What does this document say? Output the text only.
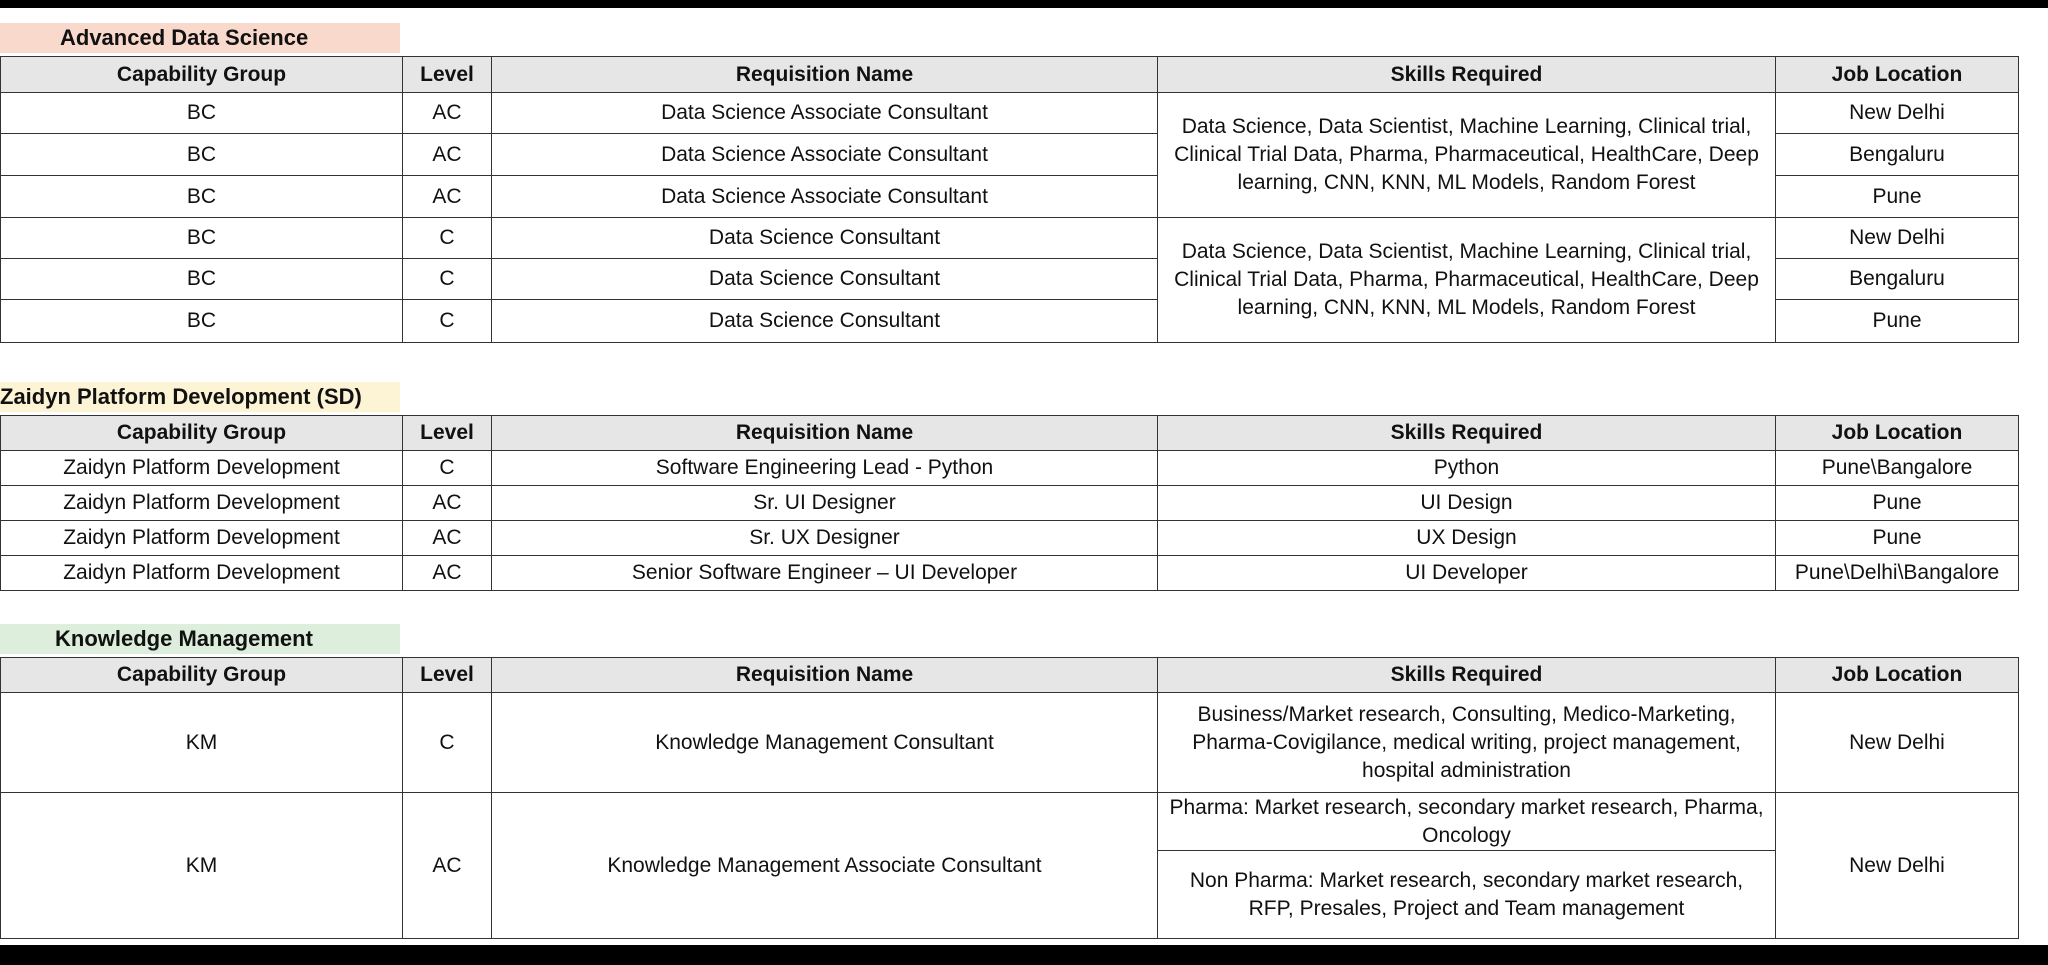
Advanced Data Science
Capability Group	Level	Requisition Name	Skills Required	Job Location
BC	AC	Data Science Associate Consultant	Data Science, Data Scientist, Machine Learning, Clinical trial, Clinical Trial Data, Pharma, Pharmaceutical, HealthCare, Deep learning, CNN, KNN, ML Models, Random Forest	New Delhi
BC	AC	Data Science Associate Consultant		Bengaluru
BC	AC	Data Science Associate Consultant		Pune
BC	C	Data Science Consultant	Data Science, Data Scientist, Machine Learning, Clinical trial, Clinical Trial Data, Pharma, Pharmaceutical, HealthCare, Deep learning, CNN, KNN, ML Models, Random Forest	New Delhi
BC	C	Data Science Consultant		Bengaluru
BC	C	Data Science Consultant		Pune
Zaidyn Platform Development (SD)
Capability Group	Level	Requisition Name	Skills Required	Job Location
Zaidyn Platform Development	C	Software Engineering Lead - Python	Python	Pune\Bangalore
Zaidyn Platform Development	AC	Sr. UI Designer	UI Design	Pune
Zaidyn Platform Development	AC	Sr. UX Designer	UX Design	Pune
Zaidyn Platform Development	AC	Senior Software Engineer – UI Developer	UI Developer	Pune\Delhi\Bangalore
Knowledge Management
Capability Group	Level	Requisition Name	Skills Required	Job Location
KM	C	Knowledge Management Consultant	Business/Market research, Consulting, Medico-Marketing, Pharma-Covigilance, medical writing, project management, hospital administration	New Delhi
KM	AC	Knowledge Management Associate Consultant	Pharma: Market research, secondary market research, Pharma, Oncology	New Delhi
			Non Pharma: Market research, secondary market research, RFP, Presales, Project and Team management	
